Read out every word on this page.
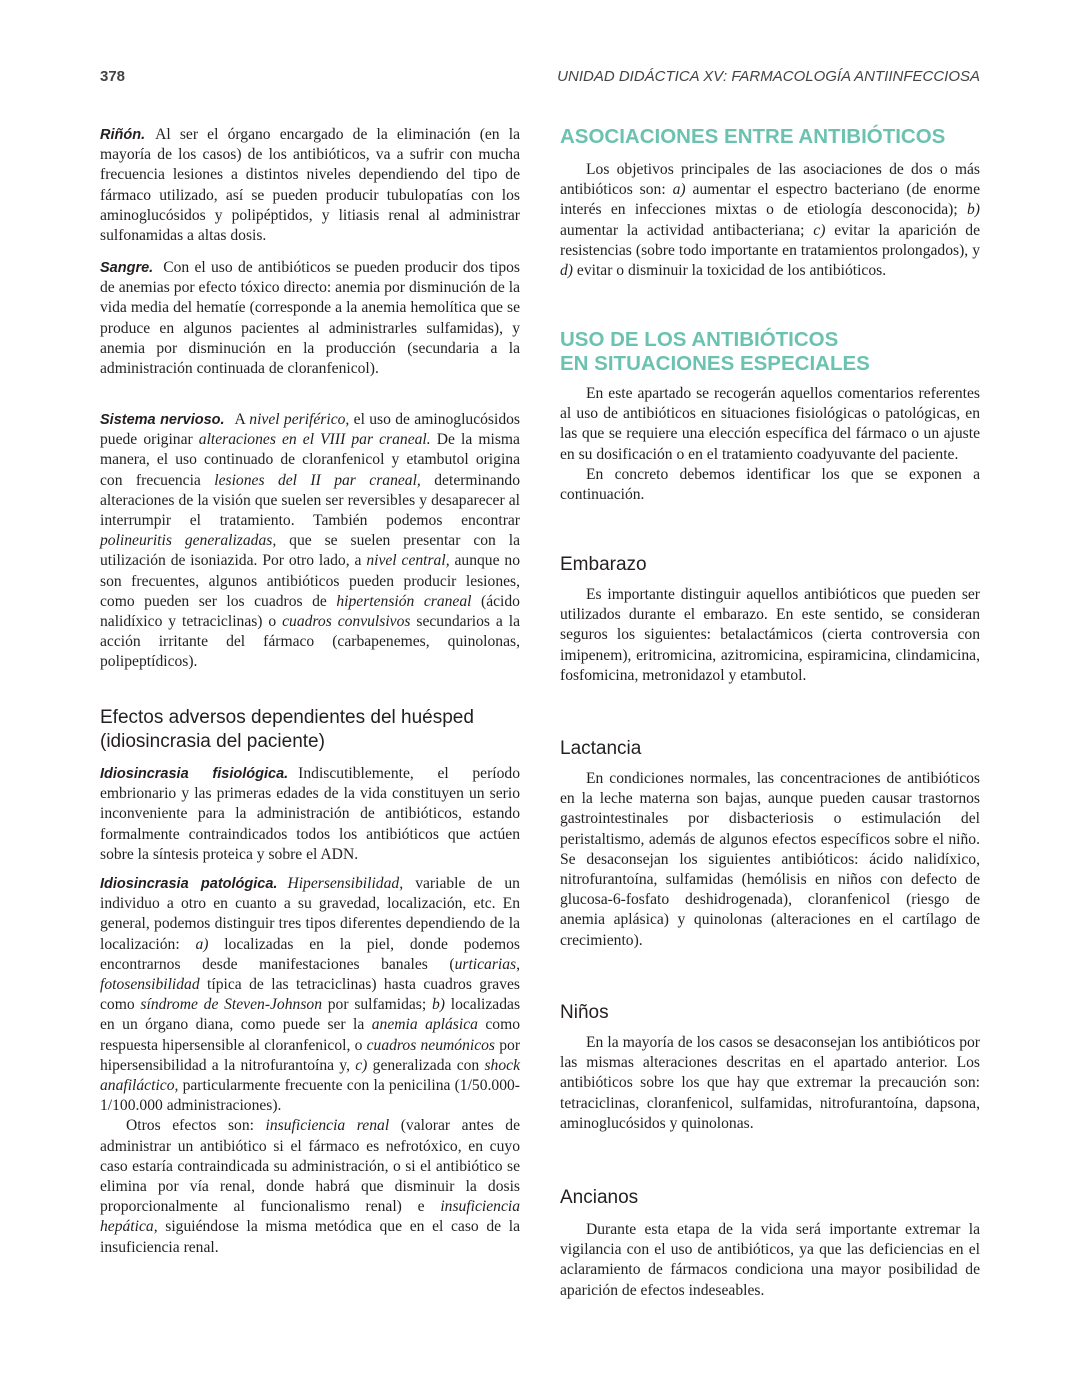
378	UNIDAD DIDÁCTICA XV: FARMACOLOGÍA ANTIINFECCIOSA

Riñón. Al ser el órgano encargado de la eliminación (en la mayoría de los casos) de los antibióticos, va a sufrir con mucha frecuencia lesiones a distintos niveles dependiendo del tipo de fármaco utilizado, así se pueden producir tubulopatías con los aminoglucósidos y polipéptidos, y litiasis renal al administrar sulfonamidas a altas dosis.

Sangre. Con el uso de antibióticos se pueden producir dos tipos de anemias por efecto tóxico directo: anemia por disminución de la vida media del hematíe (corresponde a la anemia hemolítica que se produce en algunos pacientes al administrarles sulfamidas), y anemia por disminución en la producción (secundaria a la administración continuada de cloranfenicol).

Sistema nervioso. A nivel periférico, el uso de aminoglucósidos puede originar alteraciones en el VIII par craneal. De la misma manera, el uso continuado de cloranfenicol y etambutol origina con frecuencia lesiones del II par craneal, determinando alteraciones de la visión que suelen ser reversibles y desaparecer al interrumpir el tratamiento. También podemos encontrar polineuritis generalizadas, que se suelen presentar con la utilización de isoniazida. Por otro lado, a nivel central, aunque no son frecuentes, algunos antibióticos pueden producir lesiones, como pueden ser los cuadros de hipertensión craneal (ácido nalidíxico y tetraciclinas) o cuadros convulsivos secundarios a la acción irritante del fármaco (carbapenemes, quinolonas, polipeptídicos).

Efectos adversos dependientes del huésped (idiosincrasia del paciente)

Idiosincrasia fisiológica. Indiscutiblemente, el período embrionario y las primeras edades de la vida constituyen un serio inconveniente para la administración de antibióticos, estando formalmente contraindicados todos los antibióticos que actúen sobre la síntesis proteica y sobre el ADN.

Idiosincrasia patológica. Hipersensibilidad, variable de un individuo a otro en cuanto a su gravedad, localización, etc. En general, podemos distinguir tres tipos diferentes dependiendo de la localización: a) localizadas en la piel, donde podemos encontrarnos desde manifestaciones banales (urticarias, fotosensibilidad típica de las tetraciclinas) hasta cuadros graves como síndrome de Steven-Johnson por sulfamidas; b) localizadas en un órgano diana, como puede ser la anemia aplásica como respuesta hipersensible al cloranfenicol, o cuadros neumónicos por hipersensibilidad a la nitrofurantoína y, c) generalizada con shock anafiláctico, particularmente frecuente con la penicilina (1/50.000-1/100.000 administraciones).

Otros efectos son: insuficiencia renal (valorar antes de administrar un antibiótico si el fármaco es nefrotóxico, en cuyo caso estaría contraindicada su administración, o si el antibiótico se elimina por vía renal, donde habrá que disminuir la dosis proporcionalmente al funcionalismo renal) e insuficiencia hepática, siguiéndose la misma metódica que en el caso de la insuficiencia renal.

ASOCIACIONES ENTRE ANTIBIÓTICOS

Los objetivos principales de las asociaciones de dos o más antibióticos son: a) aumentar el espectro bacteriano (de enorme interés en infecciones mixtas o de etiología desconocida); b) aumentar la actividad antibacteriana; c) evitar la aparición de resistencias (sobre todo importante en tratamientos prolongados), y d) evitar o disminuir la toxicidad de los antibióticos.

USO DE LOS ANTIBIÓTICOS
EN SITUACIONES ESPECIALES

En este apartado se recogerán aquellos comentarios referentes al uso de antibióticos en situaciones fisiológicas o patológicas, en las que se requiere una elección específica del fármaco o un ajuste en su dosificación o en el tratamiento coadyuvante del paciente.

En concreto debemos identificar los que se exponen a continuación.

Embarazo

Es importante distinguir aquellos antibióticos que pueden ser utilizados durante el embarazo. En este sentido, se consideran seguros los siguientes: betalactámicos (cierta controversia con imipenem), eritromicina, azitromicina, espiramicina, clindamicina, fosfomicina, metronidazol y etambutol.

Lactancia

En condiciones normales, las concentraciones de antibióticos en la leche materna son bajas, aunque pueden causar trastornos gastrointestinales por disbacteriosis o estimulación del peristaltismo, además de algunos efectos específicos sobre el niño. Se desaconsejan los siguientes antibióticos: ácido nalidíxico, nitrofurantoína, sulfamidas (hemólisis en niños con defecto de glucosa-6-fosfato deshidrogenada), cloranfenicol (riesgo de anemia aplásica) y quinolonas (alteraciones en el cartílago de crecimiento).

Niños

En la mayoría de los casos se desaconsejan los antibióticos por las mismas alteraciones descritas en el apartado anterior. Los antibióticos sobre los que hay que extremar la precaución son: tetraciclinas, cloranfenicol, sulfamidas, nitrofurantoína, dapsona, aminoglucósidos y quinolonas.

Ancianos

Durante esta etapa de la vida será importante extremar la vigilancia con el uso de antibióticos, ya que las deficiencias en el aclaramiento de fármacos condiciona una mayor posibilidad de aparición de efectos indeseables.
